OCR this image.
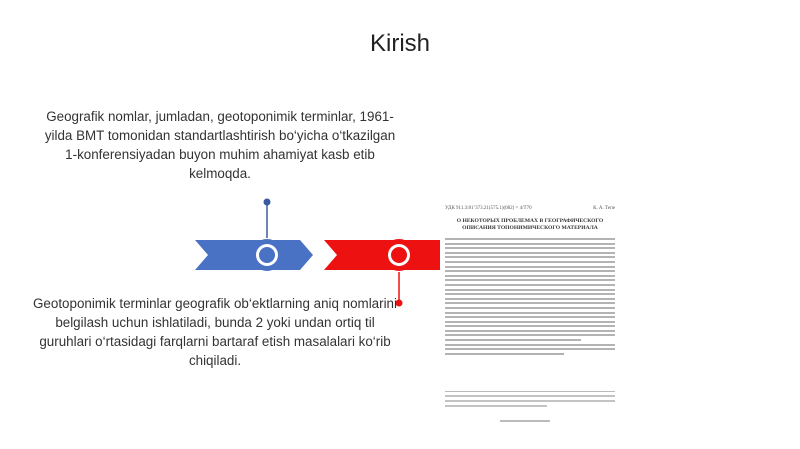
Kirish
Geografik nomlar, jumladan, geotoponimik terminlar, 1961-yilda BMT tomonidan standartlashtirish bo‘yicha o‘tkazilgan 1-konferensiyadan buyon muhim ahamiyat kasb etib kelmoqda.
Geotoponimik terminlar geografik ob‘ektlarning aniq nomlarini belgilash uchun ishlatiladi, bunda 2 yoki undan ortiq til guruhlari o‘rtasidagi farqlarni bartaraf etish masalalari ko‘rib chiqiladi.
УДК 911.3:81’373.21(575.1)(082) = 4/Т70	К. А. Тепе
О НЕКОТОРЫХ ПРОБЛЕМАХ В ГЕОГРАФИЧЕСКОГО ОПИСАНИЯ ТОПОНИМИЧЕСКОГО МАТЕРИАЛА
